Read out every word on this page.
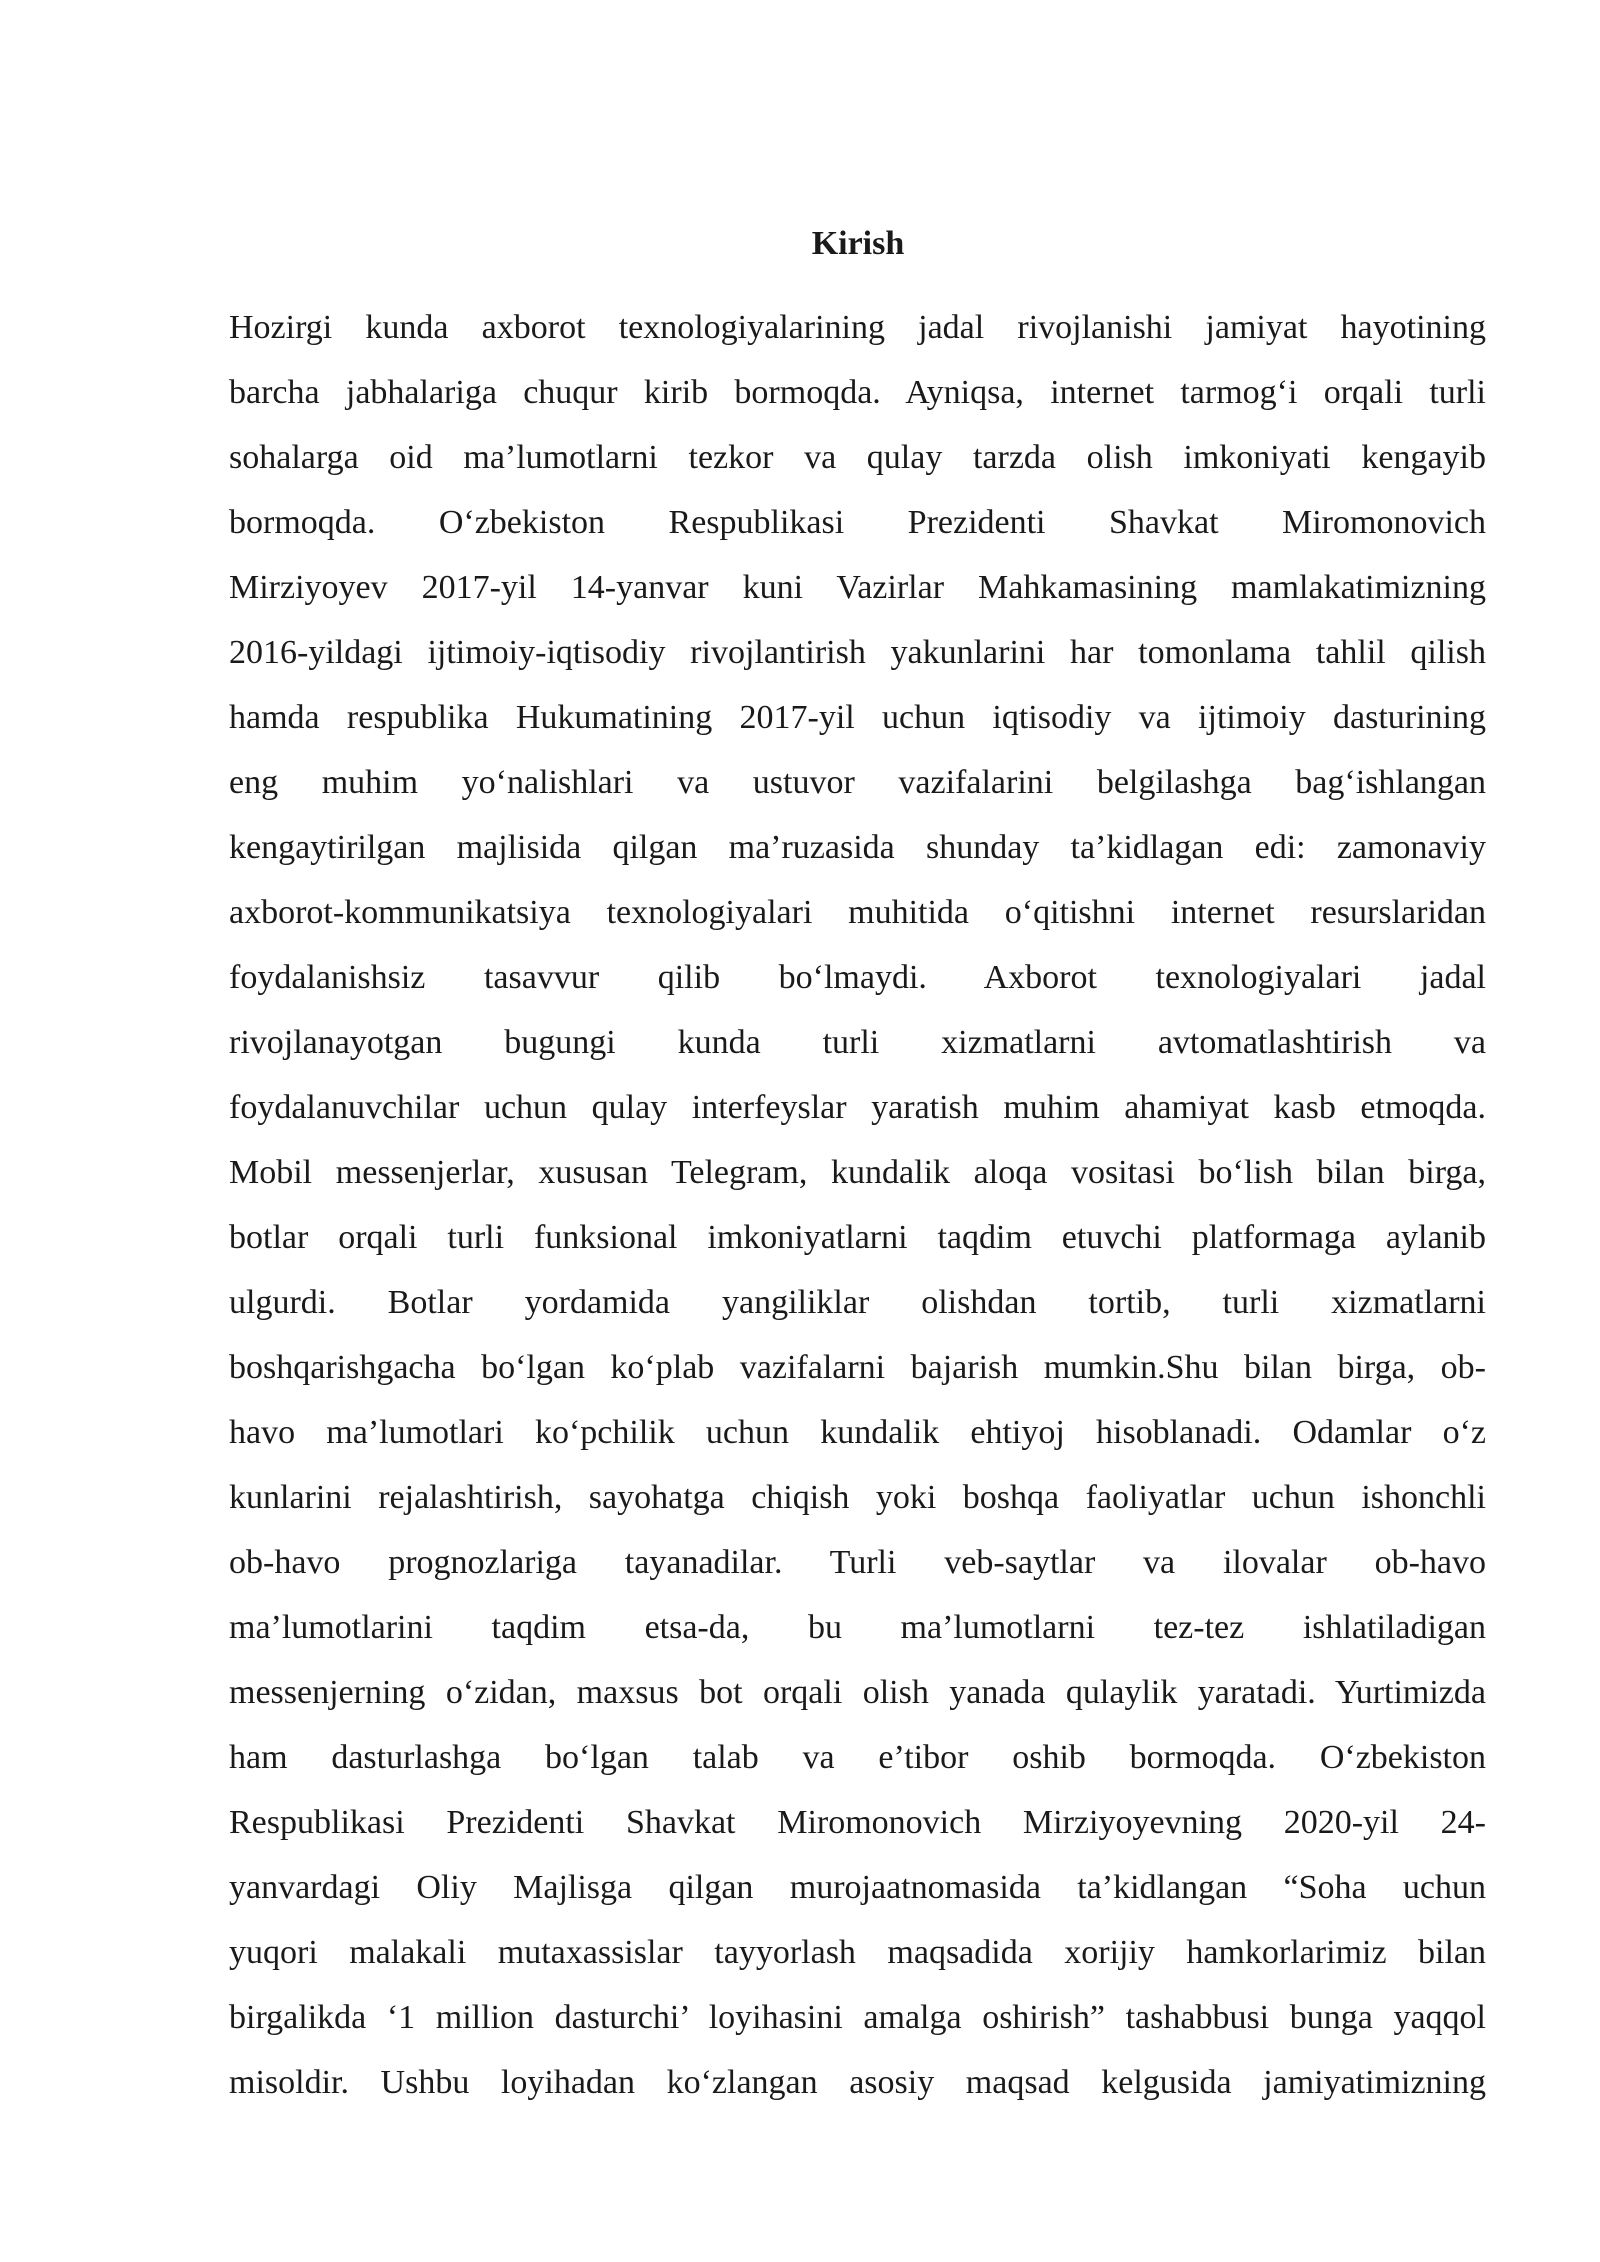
Kirish
Hozirgi kunda axborot texnologiyalarining jadal rivojlanishi jamiyat hayotining
barcha jabhalariga chuqur kirib bormoqda. Ayniqsa, internet tarmog‘i orqali turli
sohalarga oid ma’lumotlarni tezkor va qulay tarzda olish imkoniyati kengayib
bormoqda. O‘zbekiston Respublikasi Prezidenti Shavkat Miromonovich
Mirziyoyev 2017-yil 14-yanvar kuni Vazirlar Mahkamasining mamlakatimizning
2016-yildagi ijtimoiy-iqtisodiy rivojlantirish yakunlarini har tomonlama tahlil qilish
hamda respublika Hukumatining 2017-yil uchun iqtisodiy va ijtimoiy dasturining
eng muhim yo‘nalishlari va ustuvor vazifalarini belgilashga bag‘ishlangan
kengaytirilgan majlisida qilgan ma’ruzasida shunday ta’kidlagan edi: zamonaviy
axborot-kommunikatsiya texnologiyalari muhitida o‘qitishni internet resurslaridan
foydalanishsiz tasavvur qilib bo‘lmaydi. Axborot texnologiyalari jadal
rivojlanayotgan bugungi kunda turli xizmatlarni avtomatlashtirish va
foydalanuvchilar uchun qulay interfeyslar yaratish muhim ahamiyat kasb etmoqda.
Mobil messenjerlar, xususan Telegram, kundalik aloqa vositasi bo‘lish bilan birga,
botlar orqali turli funksional imkoniyatlarni taqdim etuvchi platformaga aylanib
ulgurdi. Botlar yordamida yangiliklar olishdan tortib, turli xizmatlarni
boshqarishgacha bo‘lgan ko‘plab vazifalarni bajarish mumkin.Shu bilan birga, ob-
havo ma’lumotlari ko‘pchilik uchun kundalik ehtiyoj hisoblanadi. Odamlar o‘z
kunlarini rejalashtirish, sayohatga chiqish yoki boshqa faoliyatlar uchun ishonchli
ob-havo prognozlariga tayanadilar. Turli veb-saytlar va ilovalar ob-havo
ma’lumotlarini taqdim etsa-da, bu ma’lumotlarni tez-tez ishlatiladigan
messenjerning o‘zidan, maxsus bot orqali olish yanada qulaylik yaratadi. Yurtimizda
ham dasturlashga bo‘lgan talab va e’tibor oshib bormoqda. O‘zbekiston
Respublikasi Prezidenti Shavkat Miromonovich Mirziyoyevning 2020-yil 24-
yanvardagi Oliy Majlisga qilgan murojaatnomasida ta’kidlangan “Soha uchun
yuqori malakali mutaxassislar tayyorlash maqsadida xorijiy hamkorlarimiz bilan
birgalikda ‘1 million dasturchi’ loyihasini amalga oshirish” tashabbusi bunga yaqqol
misoldir. Ushbu loyihadan ko‘zlangan asosiy maqsad kelgusida jamiyatimizning
